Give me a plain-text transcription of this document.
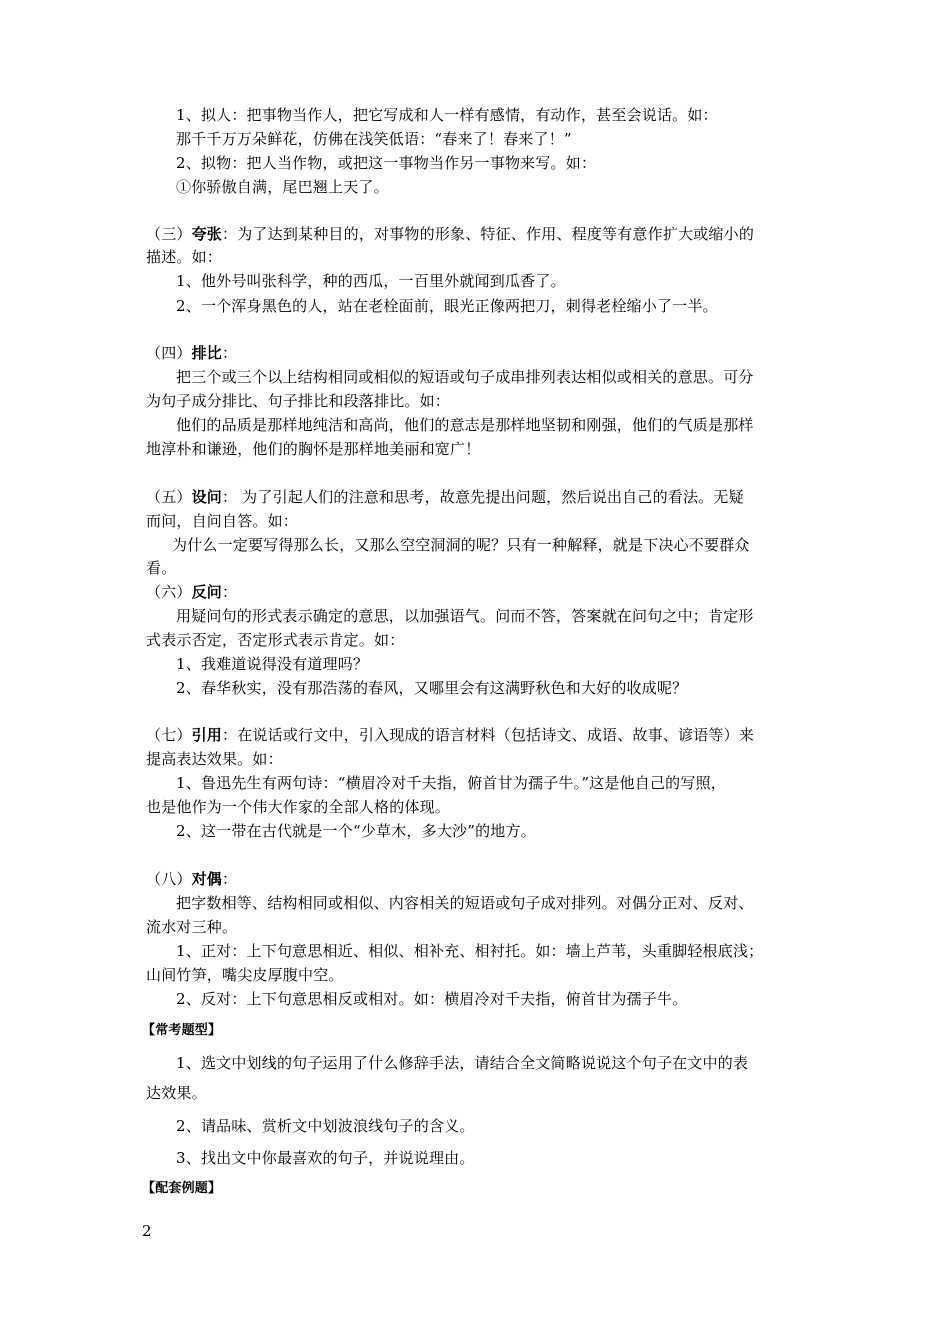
1、拟人：把事物当作人，把它写成和人一样有感情，有动作，甚至会说话。如：
那千千万万朵鲜花，仿佛在浅笑低语：“春来了！春来了！”
2、拟物：把人当作物，或把这一事物当作另一事物来写。如：
①你骄傲自满，尾巴翘上天了。
（三）夸张：为了达到某种目的，对事物的形象、特征、作用、程度等有意作扩大或缩小的
描述。如：
1、他外号叫张科学，种的西瓜，一百里外就闻到瓜香了。
2、一个浑身黑色的人，站在老栓面前，眼光正像两把刀，刺得老栓缩小了一半。
（四）排比：
把三个或三个以上结构相同或相似的短语或句子成串排列表达相似或相关的意思。可分
为句子成分排比、句子排比和段落排比。如：
他们的品质是那样地纯洁和高尚，他们的意志是那样地坚韧和刚强，他们的气质是那样
地淳朴和谦逊，他们的胸怀是那样地美丽和宽广！
（五）设问： 为了引起人们的注意和思考，故意先提出问题，然后说出自己的看法。无疑
而问，自问自答。如：
为什么一定要写得那么长，又那么空空洞洞的呢？只有一种解释，就是下决心不要群众
看。
（六）反问：
用疑问句的形式表示确定的意思，以加强语气。问而不答，答案就在问句之中；肯定形
式表示否定，否定形式表示肯定。如：
1、我难道说得没有道理吗？
2、春华秋实，没有那浩荡的春风，又哪里会有这满野秋色和大好的收成呢？
（七）引用：在说话或行文中，引入现成的语言材料（包括诗文、成语、故事、谚语等）来
提高表达效果。如：
1、鲁迅先生有两句诗：“横眉冷对千夫指，俯首甘为孺子牛。”这是他自己的写照，
也是他作为一个伟大作家的全部人格的体现。
2、这一带在古代就是一个“少草木，多大沙”的地方。
（八）对偶：
把字数相等、结构相同或相似、内容相关的短语或句子成对排列。对偶分正对、反对、
流水对三种。
1、正对：上下句意思相近、相似、相补充、相衬托。如：墙上芦苇，头重脚轻根底浅；
山间竹笋，嘴尖皮厚腹中空。
2、反对：上下句意思相反或相对。如：横眉冷对千夫指，俯首甘为孺子牛。
【常考题型】
1、选文中划线的句子运用了什么修辞手法，请结合全文简略说说这个句子在文中的表
达效果。
2、请品味、赏析文中划波浪线句子的含义。
3、找出文中你最喜欢的句子，并说说理由。
【配套例题】
2
